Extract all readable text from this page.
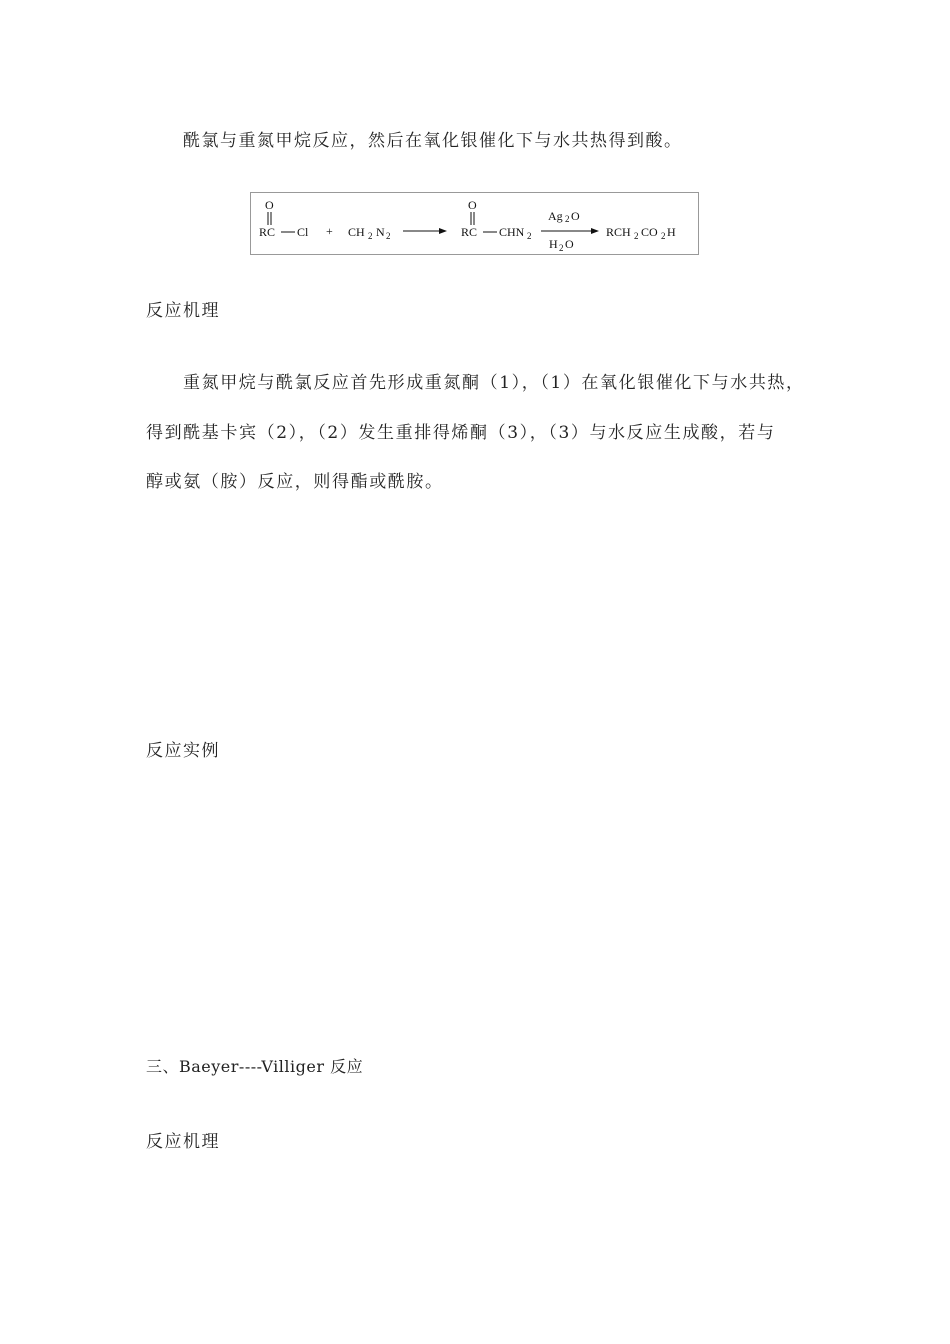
酰氯与重氮甲烷反应，然后在氧化银催化下与水共热得到酸。
O
RC Cl + CH 2 N 2
O
RC CHN 2
Ag 2 O
H 2 O
RCH 2 CO 2 H
反应机理
重氮甲烷与酰氯反应首先形成重氮酮（1），（1）在氧化银催化下与水共热，
得到酰基卡宾（2），（2）发生重排得烯酮（3），（3）与水反应生成酸，若与
醇或氨（胺）反应，则得酯或酰胺。
反应实例
三、Baeyer----Villiger 反应
反应机理
